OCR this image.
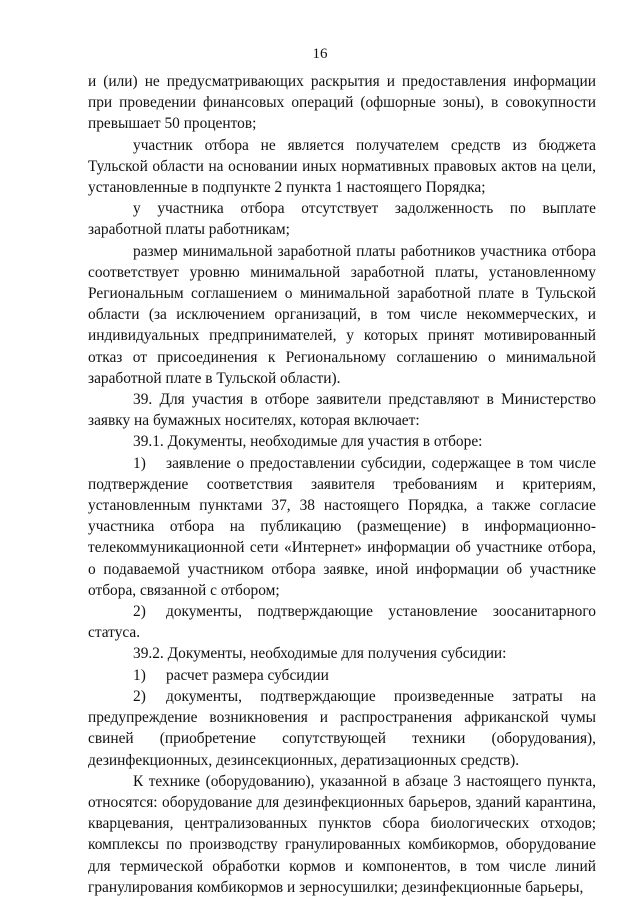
16

и (или) не предусматривающих раскрытия и предоставления информации при проведении финансовых операций (офшорные зоны), в совокупности превышает 50 процентов;

участник отбора не является получателем средств из бюджета Тульской области на основании иных нормативных правовых актов на цели, установленные в подпункте 2 пункта 1 настоящего Порядка;

у участника отбора отсутствует задолженность по выплате заработной платы работникам;

размер минимальной заработной платы работников участника отбора соответствует уровню минимальной заработной платы, установленному Региональным соглашением о минимальной заработной плате в Тульской области (за исключением организаций, в том числе некоммерческих, и индивидуальных предпринимателей, у которых принят мотивированный отказ от присоединения к Региональному соглашению о минимальной заработной плате в Тульской области).

39. Для участия в отборе заявители представляют в Министерство заявку на бумажных носителях, которая включает:

39.1. Документы, необходимые для участия в отборе:

1) заявление о предоставлении субсидии, содержащее в том числе подтверждение соответствия заявителя требованиям и критериям, установленным пунктами 37, 38 настоящего Порядка, а также согласие участника отбора на публикацию (размещение) в информационно-телекоммуникационной сети «Интернет» информации об участнике отбора, о подаваемой участником отбора заявке, иной информации об участнике отбора, связанной с отбором;

2) документы, подтверждающие установление зоосанитарного статуса.

39.2. Документы, необходимые для получения субсидии:

1) расчет размера субсидии

2) документы, подтверждающие произведенные затраты на предупреждение возникновения и распространения африканской чумы свиней (приобретение сопутствующей техники (оборудования), дезинфекционных, дезинсекционных, дератизационных средств).

К технике (оборудованию), указанной в абзаце 3 настоящего пункта, относятся: оборудование для дезинфекционных барьеров, зданий карантина, кварцевания, централизованных пунктов сбора биологических отходов; комплексы по производству гранулированных комбикормов, оборудование для термической обработки кормов и компонентов, в том числе линий гранулирования комбикормов и зерносушилки; дезинфекционные барьеры,
